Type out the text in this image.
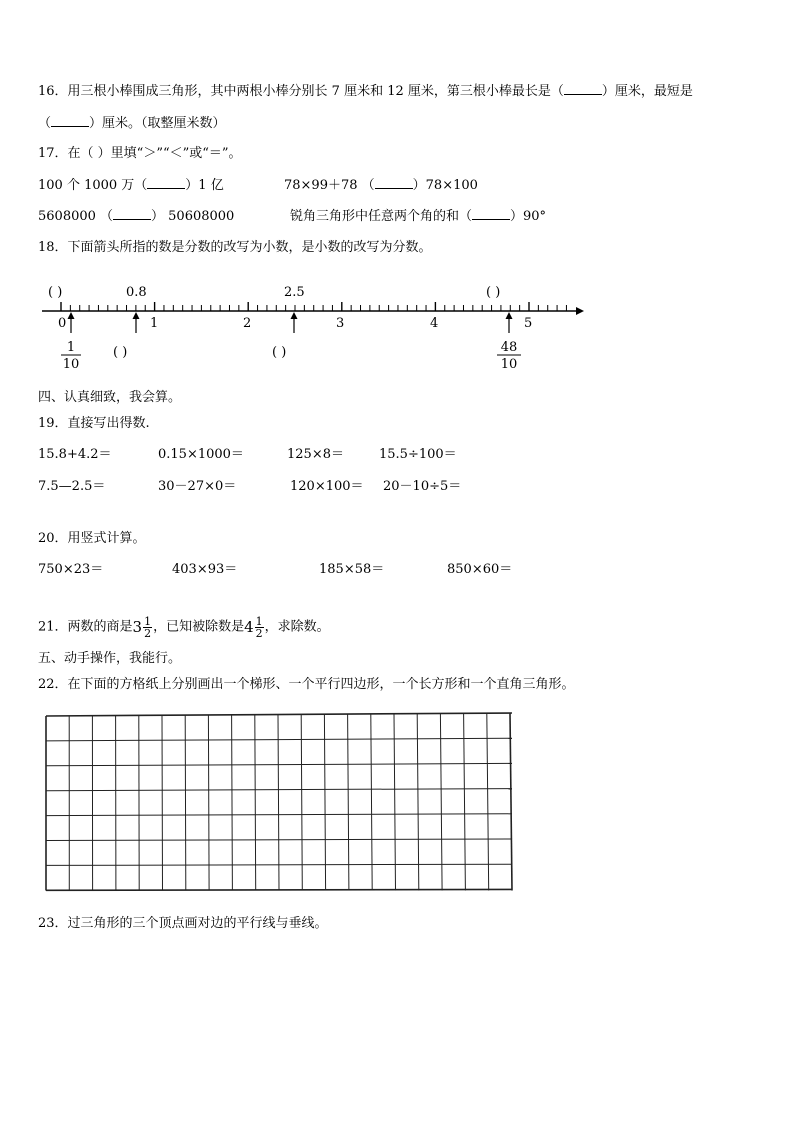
16．用三根小棒围成三角形，其中两根小棒分别长 7 厘米和 12 厘米，第三根小棒最长是（	）厘米，最短是
（	）厘米。（取整厘米数）
17．在（ ）里填“＞”“＜”或“＝”。
100 个 1000 万（	）1 亿	78×99＋78 （	）78×100
5608000 （	） 50608000	锐角三角形中任意两个角的和（	）90°
18．下面箭头所指的数是分数的改写为小数，是小数的改写为分数。
( )	0.8	2.5	( )
0	1	2	3	4	5
1
10
( )	( )	48
10
四、认真细致，我会算。
19．直接写出得数.
15.8+4.2＝	0.15×1000＝	125×8＝	15.5÷100＝
7.5—2.5＝	30－27×0＝	120×100＝ 20－10÷5＝
20．用竖式计算。
750×23＝	403×93＝	185×58＝	850×60＝
21．两数的商是$3 \frac{1}{2}$ ，已知被除数是$4 \frac{1}{2}$ ，求除数。
五、动手操作，我能行。
22．在下面的方格纸上分别画出一个梯形、一个平行四边形，一个长方形和一个直角三角形。
23．过三角形的三个顶点画对边的平行线与垂线。
